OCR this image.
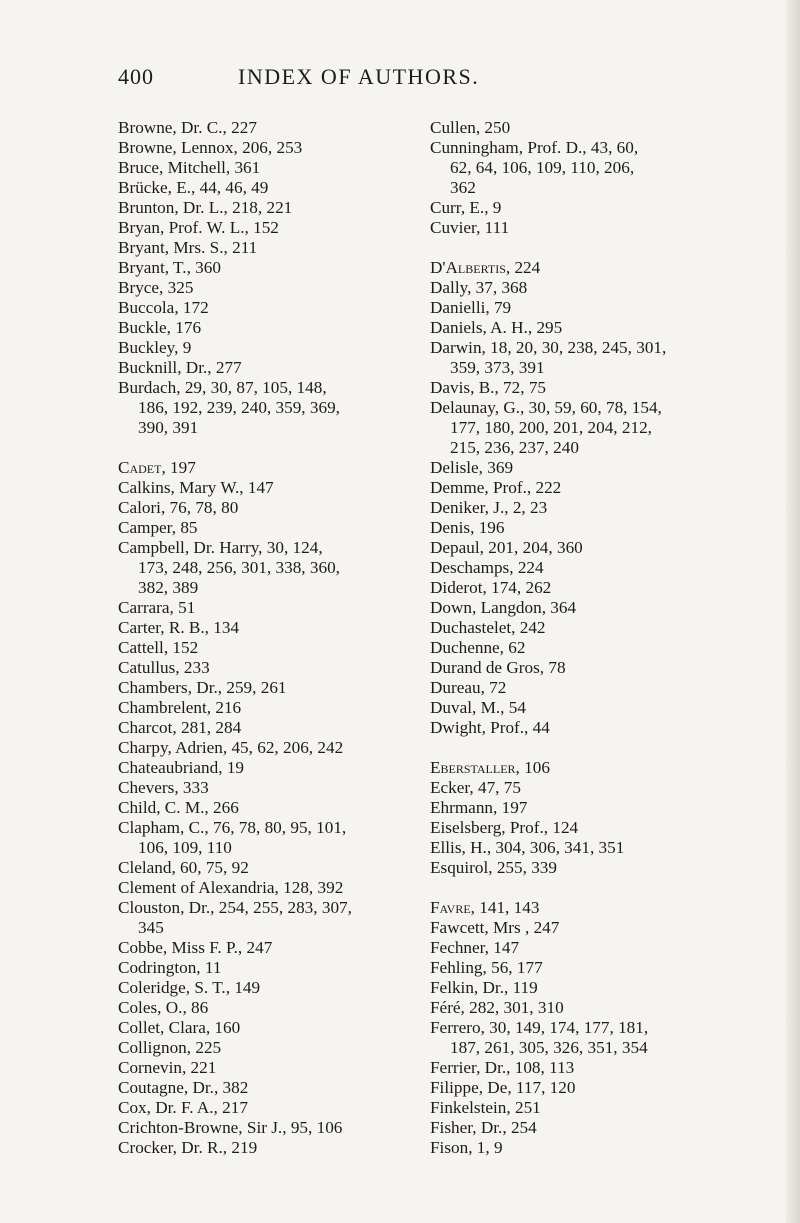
400	INDEX OF AUTHORS.
Browne, Dr. C., 227
Browne, Lennox, 206, 253
Bruce, Mitchell, 361
Brücke, E., 44, 46, 49
Brunton, Dr. L., 218, 221
Bryan, Prof. W. L., 152
Bryant, Mrs. S., 211
Bryant, T., 360
Bryce, 325
Buccola, 172
Buckle, 176
Buckley, 9
Bucknill, Dr., 277
Burdach, 29, 30, 87, 105, 148,
186, 192, 239, 240, 359, 369,
390, 391
Cadet, 197
Calkins, Mary W., 147
Calori, 76, 78, 80
Camper, 85
Campbell, Dr. Harry, 30, 124,
173, 248, 256, 301, 338, 360,
382, 389
Carrara, 51
Carter, R. B., 134
Cattell, 152
Catullus, 233
Chambers, Dr., 259, 261
Chambrelent, 216
Charcot, 281, 284
Charpy, Adrien, 45, 62, 206, 242
Chateaubriand, 19
Chevers, 333
Child, C. M., 266
Clapham, C., 76, 78, 80, 95, 101,
106, 109, 110
Cleland, 60, 75, 92
Clement of Alexandria, 128, 392
Clouston, Dr., 254, 255, 283, 307,
345
Cobbe, Miss F. P., 247
Codrington, 11
Coleridge, S. T., 149
Coles, O., 86
Collet, Clara, 160
Collignon, 225
Cornevin, 221
Coutagne, Dr., 382
Cox, Dr. F. A., 217
Crichton-Browne, Sir J., 95, 106
Crocker, Dr. R., 219
Cullen, 250
Cunningham, Prof. D., 43, 60,
62, 64, 106, 109, 110, 206,
362
Curr, E., 9
Cuvier, 111
D'Albertis, 224
Dally, 37, 368
Danielli, 79
Daniels, A. H., 295
Darwin, 18, 20, 30, 238, 245, 301,
359, 373, 391
Davis, B., 72, 75
Delaunay, G., 30, 59, 60, 78, 154,
177, 180, 200, 201, 204, 212,
215, 236, 237, 240
Delisle, 369
Demme, Prof., 222
Deniker, J., 2, 23
Denis, 196
Depaul, 201, 204, 360
Deschamps, 224
Diderot, 174, 262
Down, Langdon, 364
Duchastelet, 242
Duchenne, 62
Durand de Gros, 78
Dureau, 72
Duval, M., 54
Dwight, Prof., 44
Eberstaller, 106
Ecker, 47, 75
Ehrmann, 197
Eiselsberg, Prof., 124
Ellis, H., 304, 306, 341, 351
Esquirol, 255, 339
Favre, 141, 143
Fawcett, Mrs , 247
Fechner, 147
Fehling, 56, 177
Felkin, Dr., 119
Féré, 282, 301, 310
Ferrero, 30, 149, 174, 177, 181,
187, 261, 305, 326, 351, 354
Ferrier, Dr., 108, 113
Filippe, De, 117, 120
Finkelstein, 251
Fisher, Dr., 254
Fison, 1, 9
